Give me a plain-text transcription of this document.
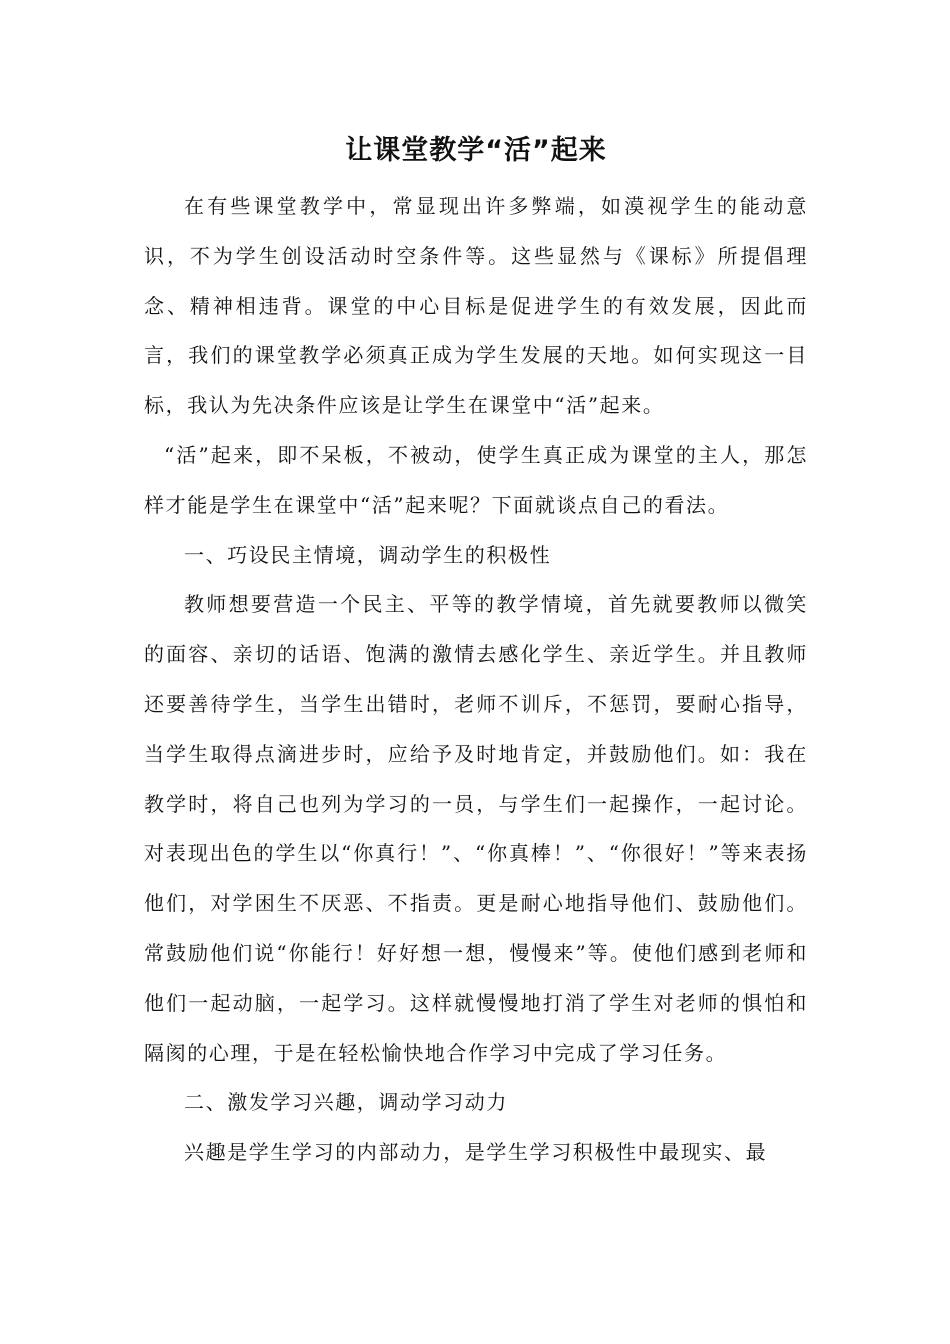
让课堂教学“活”起来

在有些课堂教学中，常显现出许多弊端，如漠视学生的能动意识，不为学生创设活动时空条件等。这些显然与《课标》所提倡理念、精神相违背。课堂的中心目标是促进学生的有效发展，因此而言，我们的课堂教学必须真正成为学生发展的天地。如何实现这一目标，我认为先决条件应该是让学生在课堂中“活”起来。

“活”起来，即不呆板，不被动，使学生真正成为课堂的主人，那怎样才能是学生在课堂中“活”起来呢？下面就谈点自己的看法。

一、巧设民主情境，调动学生的积极性

教师想要营造一个民主、平等的教学情境，首先就要教师以微笑的面容、亲切的话语、饱满的激情去感化学生、亲近学生。并且教师还要善待学生，当学生出错时，老师不训斥，不惩罚，要耐心指导，当学生取得点滴进步时，应给予及时地肯定，并鼓励他们。如：我在教学时，将自己也列为学习的一员，与学生们一起操作，一起讨论。对表现出色的学生以“你真行！”、“你真棒！”、“你很好！”等来表扬他们，对学困生不厌恶、不指责。更是耐心地指导他们、鼓励他们。常鼓励他们说“你能行！好好想一想，慢慢来”等。使他们感到老师和他们一起动脑，一起学习。这样就慢慢地打消了学生对老师的惧怕和隔阂的心理，于是在轻松愉快地合作学习中完成了学习任务。

二、激发学习兴趣，调动学习动力

兴趣是学生学习的内部动力，是学生学习积极性中最现实、最
